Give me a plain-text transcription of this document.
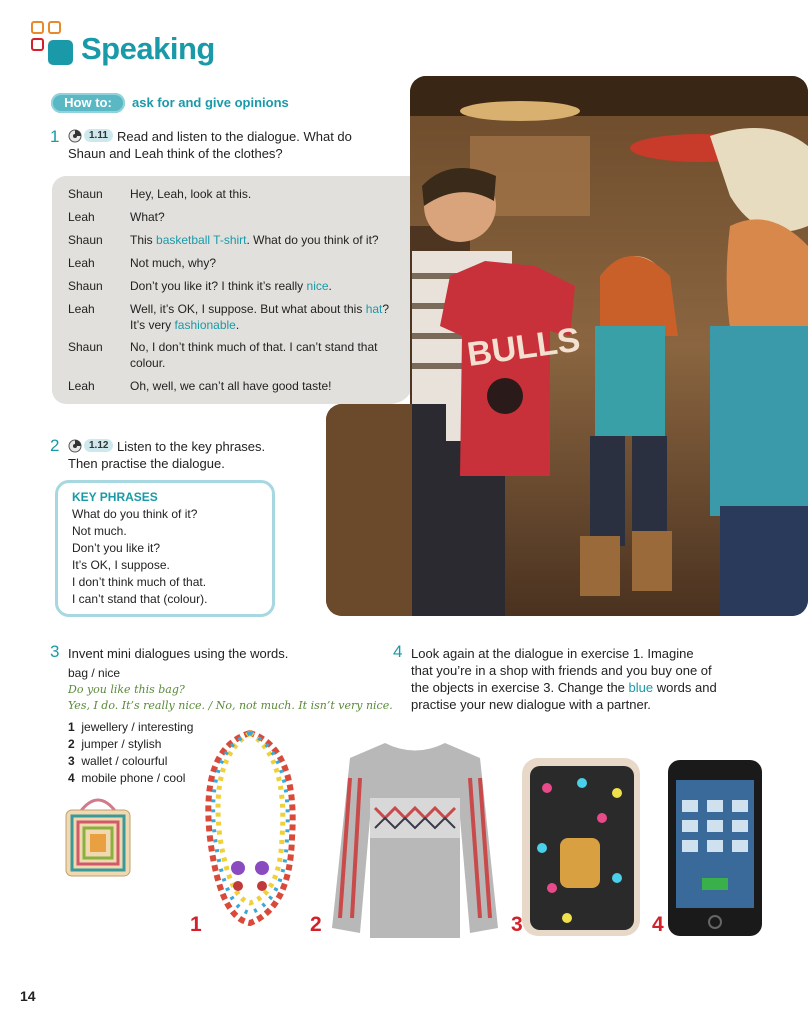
Speaking
How to:	ask for and give opinions
1	1.11 Read and listen to the dialogue. What do
Shaun and Leah think of the clothes?
Shaun	Hey, Leah, look at this.
Leah	What?
Shaun	This basketball T-shirt. What do you think of it?
Leah	Not much, why?
Shaun	Don’t you like it? I think it’s really nice.
Leah	Well, it’s OK, I suppose. But what about this hat? It’s very fashionable.
Shaun	No, I don’t think much of that. I can’t stand that colour.
Leah	Oh, well, we can’t all have good taste!
BULLS
2	1.12 Listen to the key phrases.
Then practise the dialogue.
KEY PHRASES
What do you think of it?
Not much.
Don’t you like it?
It’s OK, I suppose.
I don’t think much of that.
I can’t stand that (colour).
3 Invent mini dialogues using the words.
bag / nice
Do you like this bag?
Yes, I do. It’s really nice. / No, not much. It isn’t very nice.
1 jewellery / interesting
2 jumper / stylish
3 wallet / colourful
4 mobile phone / cool
4 Look again at the dialogue in exercise 1. Imagine
that you’re in a shop with friends and you buy one of
the objects in exercise 3. Change the blue words and
practise your new dialogue with a partner.
1	2	3	4
14
